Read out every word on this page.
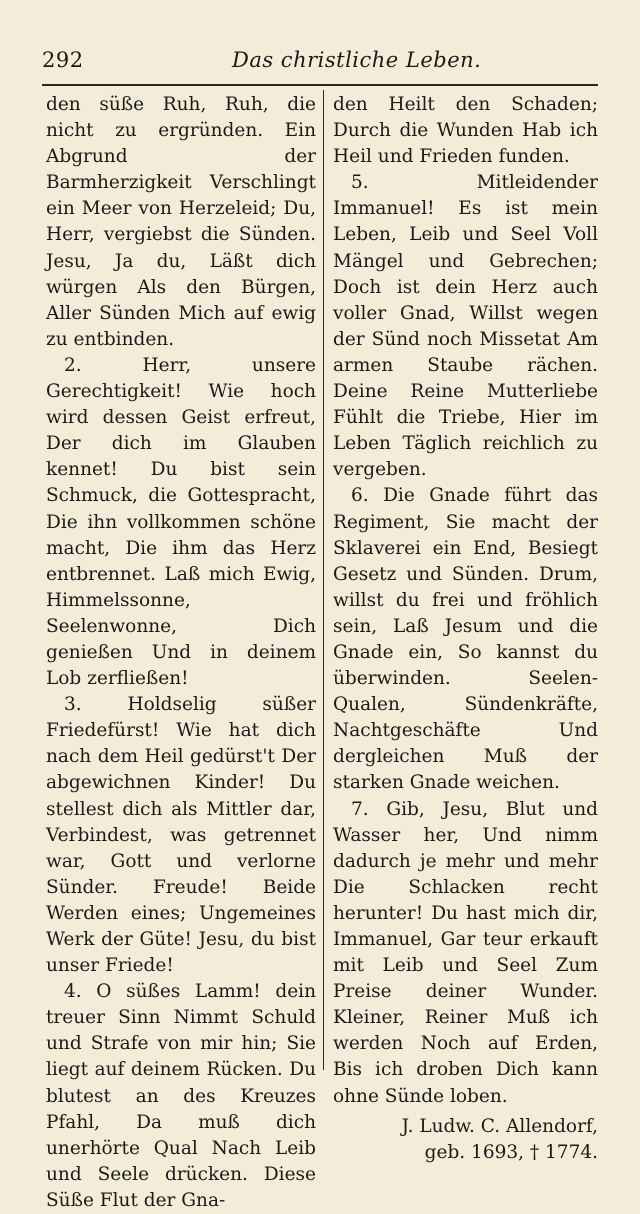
292	Das christliche Leben.

den süße Ruh, Ruh, die nicht zu ergründen. Ein Abgrund der Barmherzigkeit Verschlingt ein Meer von Herzeleid; Du, Herr, vergiebst die Sünden. Jesu, Ja du, Läßt dich würgen Als den Bürgen, Aller Sünden Mich auf ewig zu entbinden.

2. Herr, unsere Gerechtigkeit! Wie hoch wird dessen Geist erfreut, Der dich im Glauben kennet! Du bist sein Schmuck, die Gottespracht, Die ihn vollkommen schöne macht, Die ihm das Herz entbrennet. Laß mich Ewig, Himmelssonne, Seelenwonne, Dich genießen Und in deinem Lob zerfließen!

3. Holdselig süßer Friedefürst! Wie hat dich nach dem Heil gedürst't Der abgewichnen Kinder! Du stellest dich als Mittler dar, Verbindest, was getrennet war, Gott und verlorne Sünder. Freude! Beide Werden eines; Ungemeines Werk der Güte! Jesu, du bist unser Friede!

4. O süßes Lamm! dein treuer Sinn Nimmt Schuld und Strafe von mir hin; Sie liegt auf deinem Rücken. Du blutest an des Kreuzes Pfahl, Da muß dich unerhörte Qual Nach Leib und Seele drücken. Diese Süße Flut der Gna-

den Heilt den Schaden; Durch die Wunden Hab ich Heil und Frieden funden.

5. Mitleidender Immanuel! Es ist mein Leben, Leib und Seel Voll Mängel und Gebrechen; Doch ist dein Herz auch voller Gnad, Willst wegen der Sünd noch Missetat Am armen Staube rächen. Deine Reine Mutterliebe Fühlt die Triebe, Hier im Leben Täglich reichlich zu vergeben.

6. Die Gnade führt das Regiment, Sie macht der Sklaverei ein End, Besiegt Gesetz und Sünden. Drum, willst du frei und fröhlich sein, Laß Jesum und die Gnade ein, So kannst du überwinden. Seelen-Qualen, Sündenkräfte, Nachtgeschäfte Und dergleichen Muß der starken Gnade weichen.

7. Gib, Jesu, Blut und Wasser her, Und nimm dadurch je mehr und mehr Die Schlacken recht herunter! Du hast mich dir, Immanuel, Gar teur erkauft mit Leib und Seel Zum Preise deiner Wunder. Kleiner, Reiner Muß ich werden Noch auf Erden, Bis ich droben Dich kann ohne Sünde loben.

J. Ludw. C. Allendorf,
geb. 1693, † 1774.
